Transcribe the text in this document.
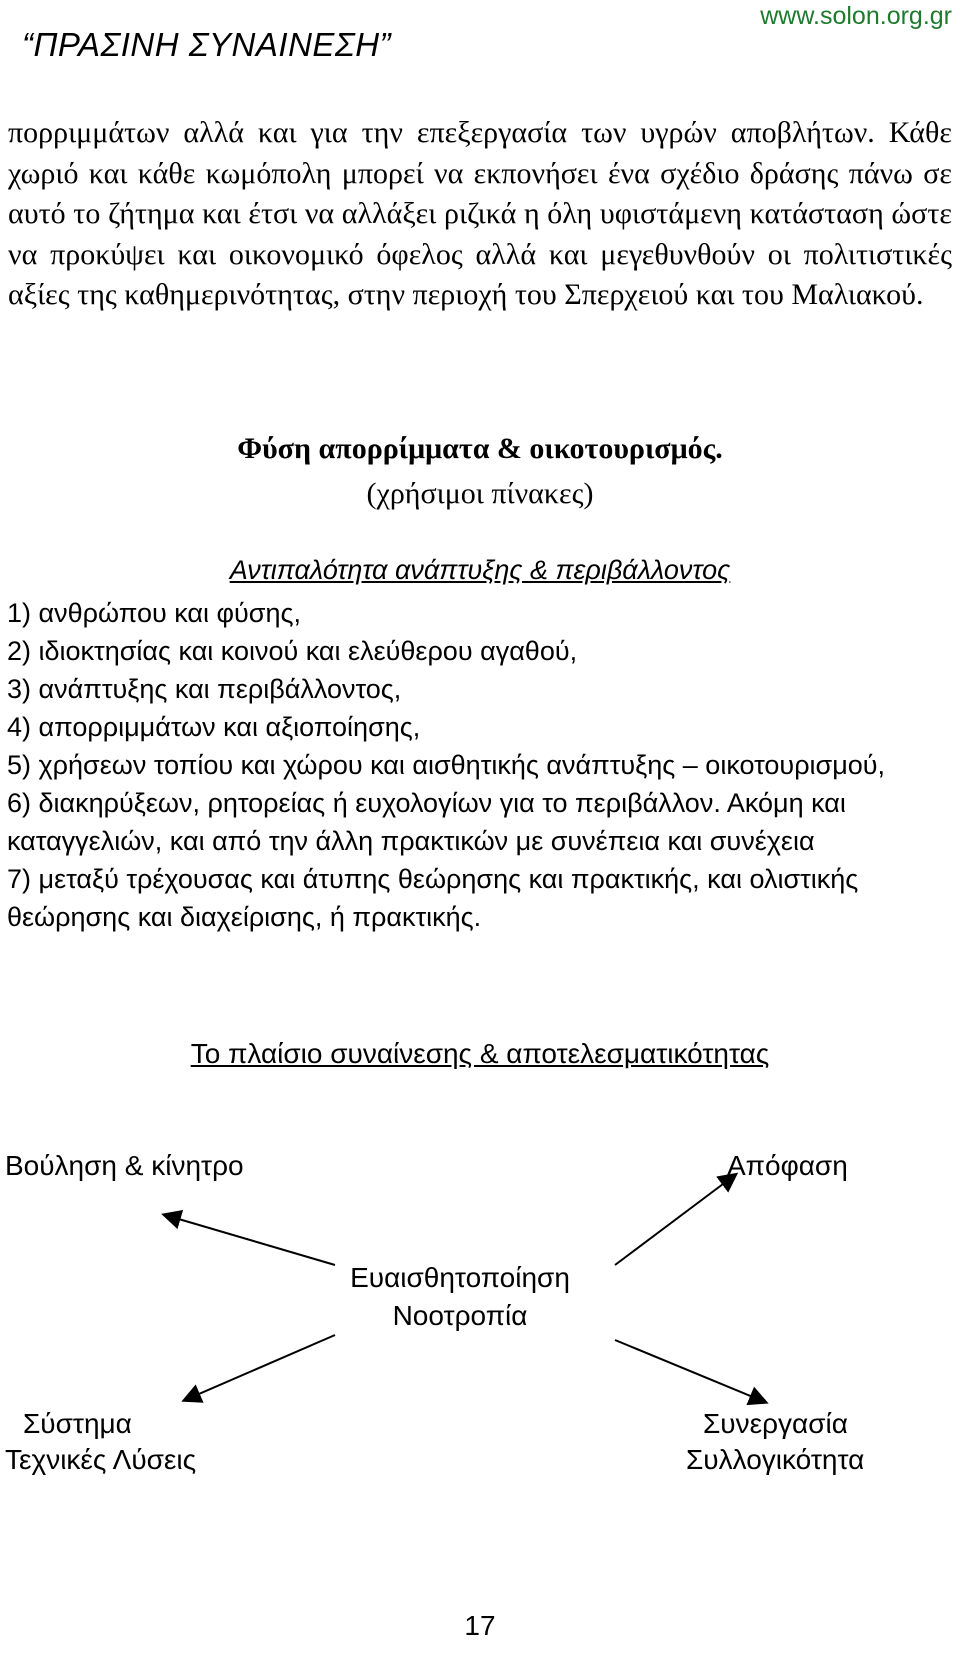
“ΠΡΑΣΙΝΗ ΣΥΝΑΙΝΕΣΗ”
www.solon.org.gr

πορριμμάτων αλλά και για την επεξεργασία των υγρών αποβλήτων. Κάθε χωριό και κάθε κωμόπολη μπορεί να εκπονήσει ένα σχέδιο δράσης πάνω σε αυτό το ζήτημα και έτσι να αλλάξει ριζικά η όλη υφιστάμενη κατάσταση ώστε να προκύψει και οικονομικό όφελος αλλά και μεγεθυνθούν οι πολιτιστικές αξίες της καθημερινότητας, στην περιοχή του Σπερχειού και του Μαλιακού.

Φύση απορρίμματα & οικοτουρισμός.
(χρήσιμοι πίνακες)
Αντιπαλότητα ανάπτυξης & περιβάλλοντος
1) ανθρώπου και φύσης,
2) ιδιοκτησίας και κοινού και ελεύθερου αγαθού,
3) ανάπτυξης και περιβάλλοντος,
4) απορριμμάτων και αξιοποίησης,
5) χρήσεων τοπίου και χώρου και αισθητικής ανάπτυξης – οικοτουρισμού,
6) διακηρύξεων, ρητορείας ή ευχολογίων για το περιβάλλον. Ακόμη και καταγγελιών, και από την άλλη πρακτικών με συνέπεια και συνέχεια
7) μεταξύ τρέχουσας και άτυπης θεώρησης και πρακτικής, και ολιστικής θεώρησης και διαχείρισης, ή πρακτικής.
Το πλαίσιο συναίνεσης & αποτελεσματικότητας
Βούληση & κίνητρο	Απόφαση
Ευαισθητοποίηση
Νοοτροπία
Σύστημα
Τεχνικές Λύσεις
Συνεργασία
Συλλογικότητα
17
